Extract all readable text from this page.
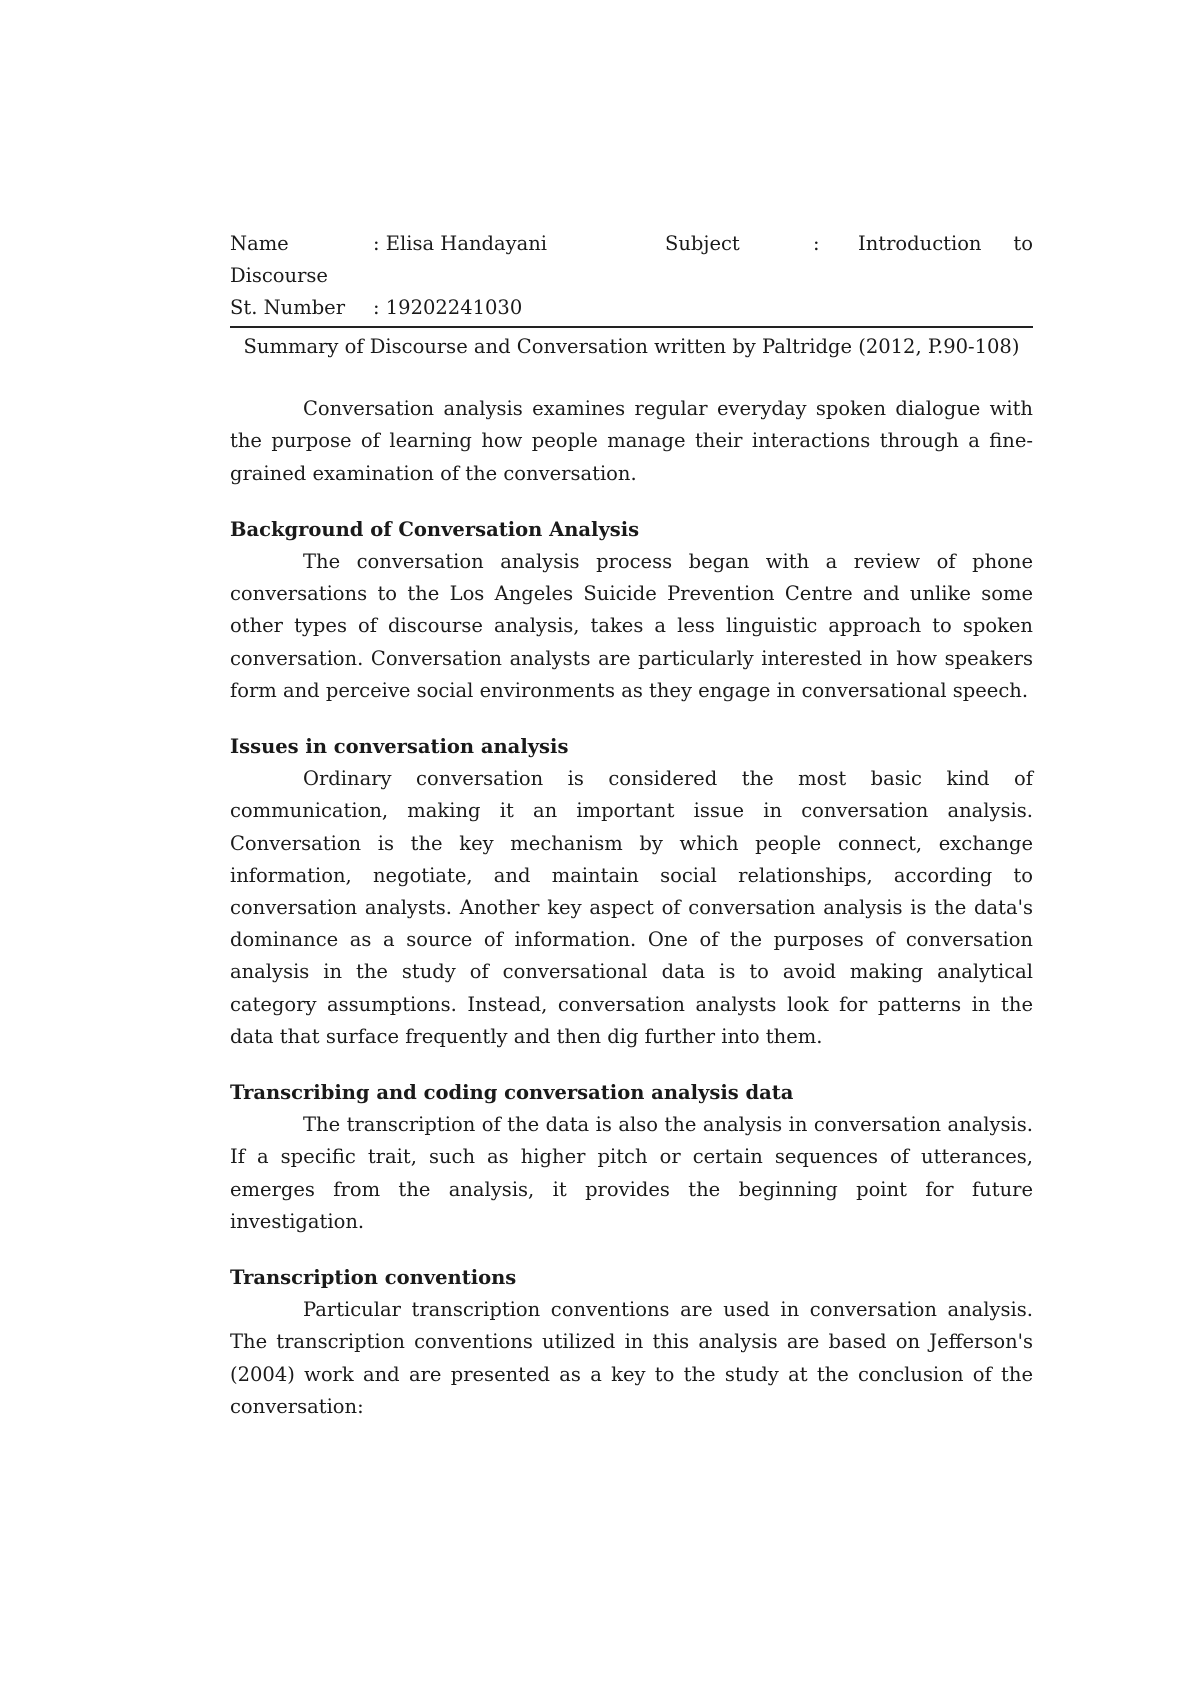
Name	: Elisa Handayani	Subject	: Introduction to
Discourse
St. Number : 19202241030
Summary of Discourse and Conversation written by Paltridge (2012, P.90-108)

Conversation analysis examines regular everyday spoken dialogue with the purpose of learning how people manage their interactions through a fine-grained examination of the conversation.

Background of Conversation Analysis

The conversation analysis process began with a review of phone conversations to the Los Angeles Suicide Prevention Centre and unlike some other types of discourse analysis, takes a less linguistic approach to spoken conversation. Conversation analysts are particularly interested in how speakers form and perceive social environments as they engage in conversational speech.

Issues in conversation analysis

Ordinary conversation is considered the most basic kind of communication, making it an important issue in conversation analysis. Conversation is the key mechanism by which people connect, exchange information, negotiate, and maintain social relationships, according to conversation analysts. Another key aspect of conversation analysis is the data's dominance as a source of information. One of the purposes of conversation analysis in the study of conversational data is to avoid making analytical category assumptions. Instead, conversation analysts look for patterns in the data that surface frequently and then dig further into them.

Transcribing and coding conversation analysis data

The transcription of the data is also the analysis in conversation analysis. If a specific trait, such as higher pitch or certain sequences of utterances, emerges from the analysis, it provides the beginning point for future investigation.

Transcription conventions

Particular transcription conventions are used in conversation analysis. The transcription conventions utilized in this analysis are based on Jefferson's (2004) work and are presented as a key to the study at the conclusion of the conversation:
